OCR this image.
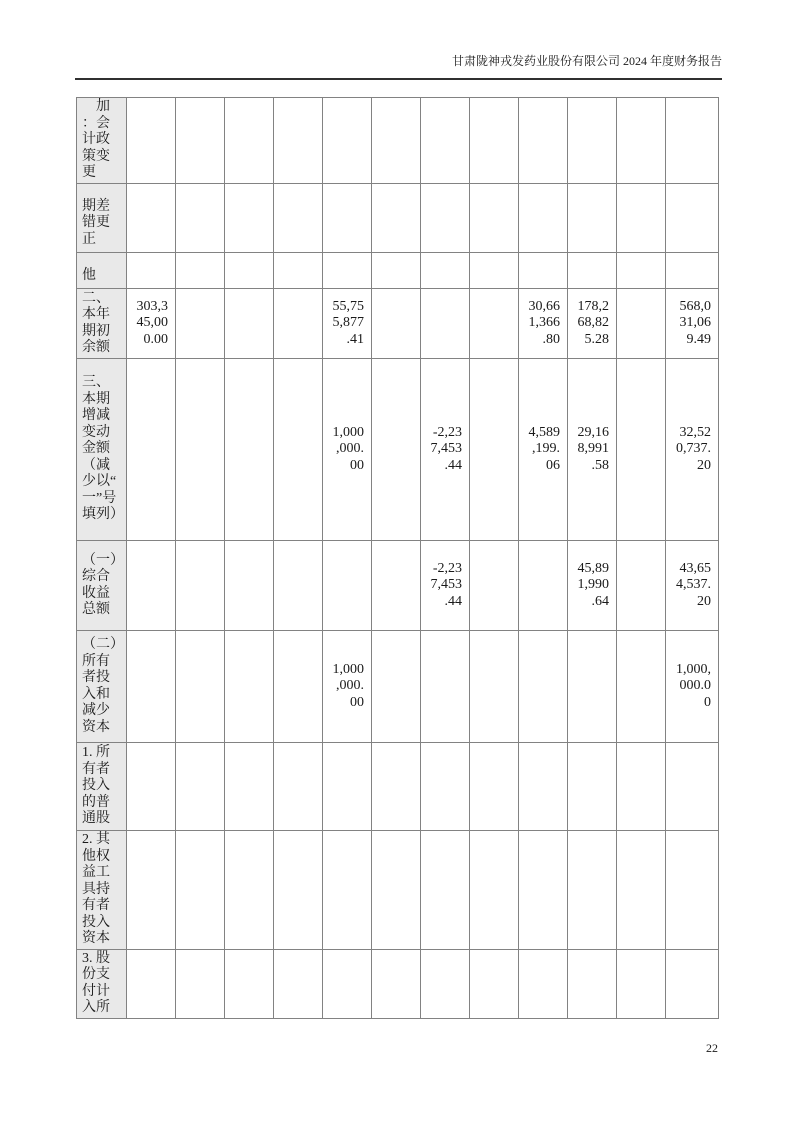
甘肃陇神戎发药业股份有限公司 2024 年度财务报告
加：会计政策变更												
期差错更正												
他												
二、本年期初余额	303,345,000.00				55,755,877.41				30,661,366.80	178,268,825.28		568,031,069.49
三、本期增减变动金额（减少以“一”号填列）					1,000,000.00		-2,237,453.44		4,589,199.06	29,168,991.58		32,520,737.20
（一）综合收益总额							-2,237,453.44			45,891,990.64		43,654,537.20
（二）所有者投入和减少资本					1,000,000.00							1,000,000.00
1. 所有者投入的普通股												
2. 其他权益工具持有者投入资本												
3. 股份支付计入所												
22
